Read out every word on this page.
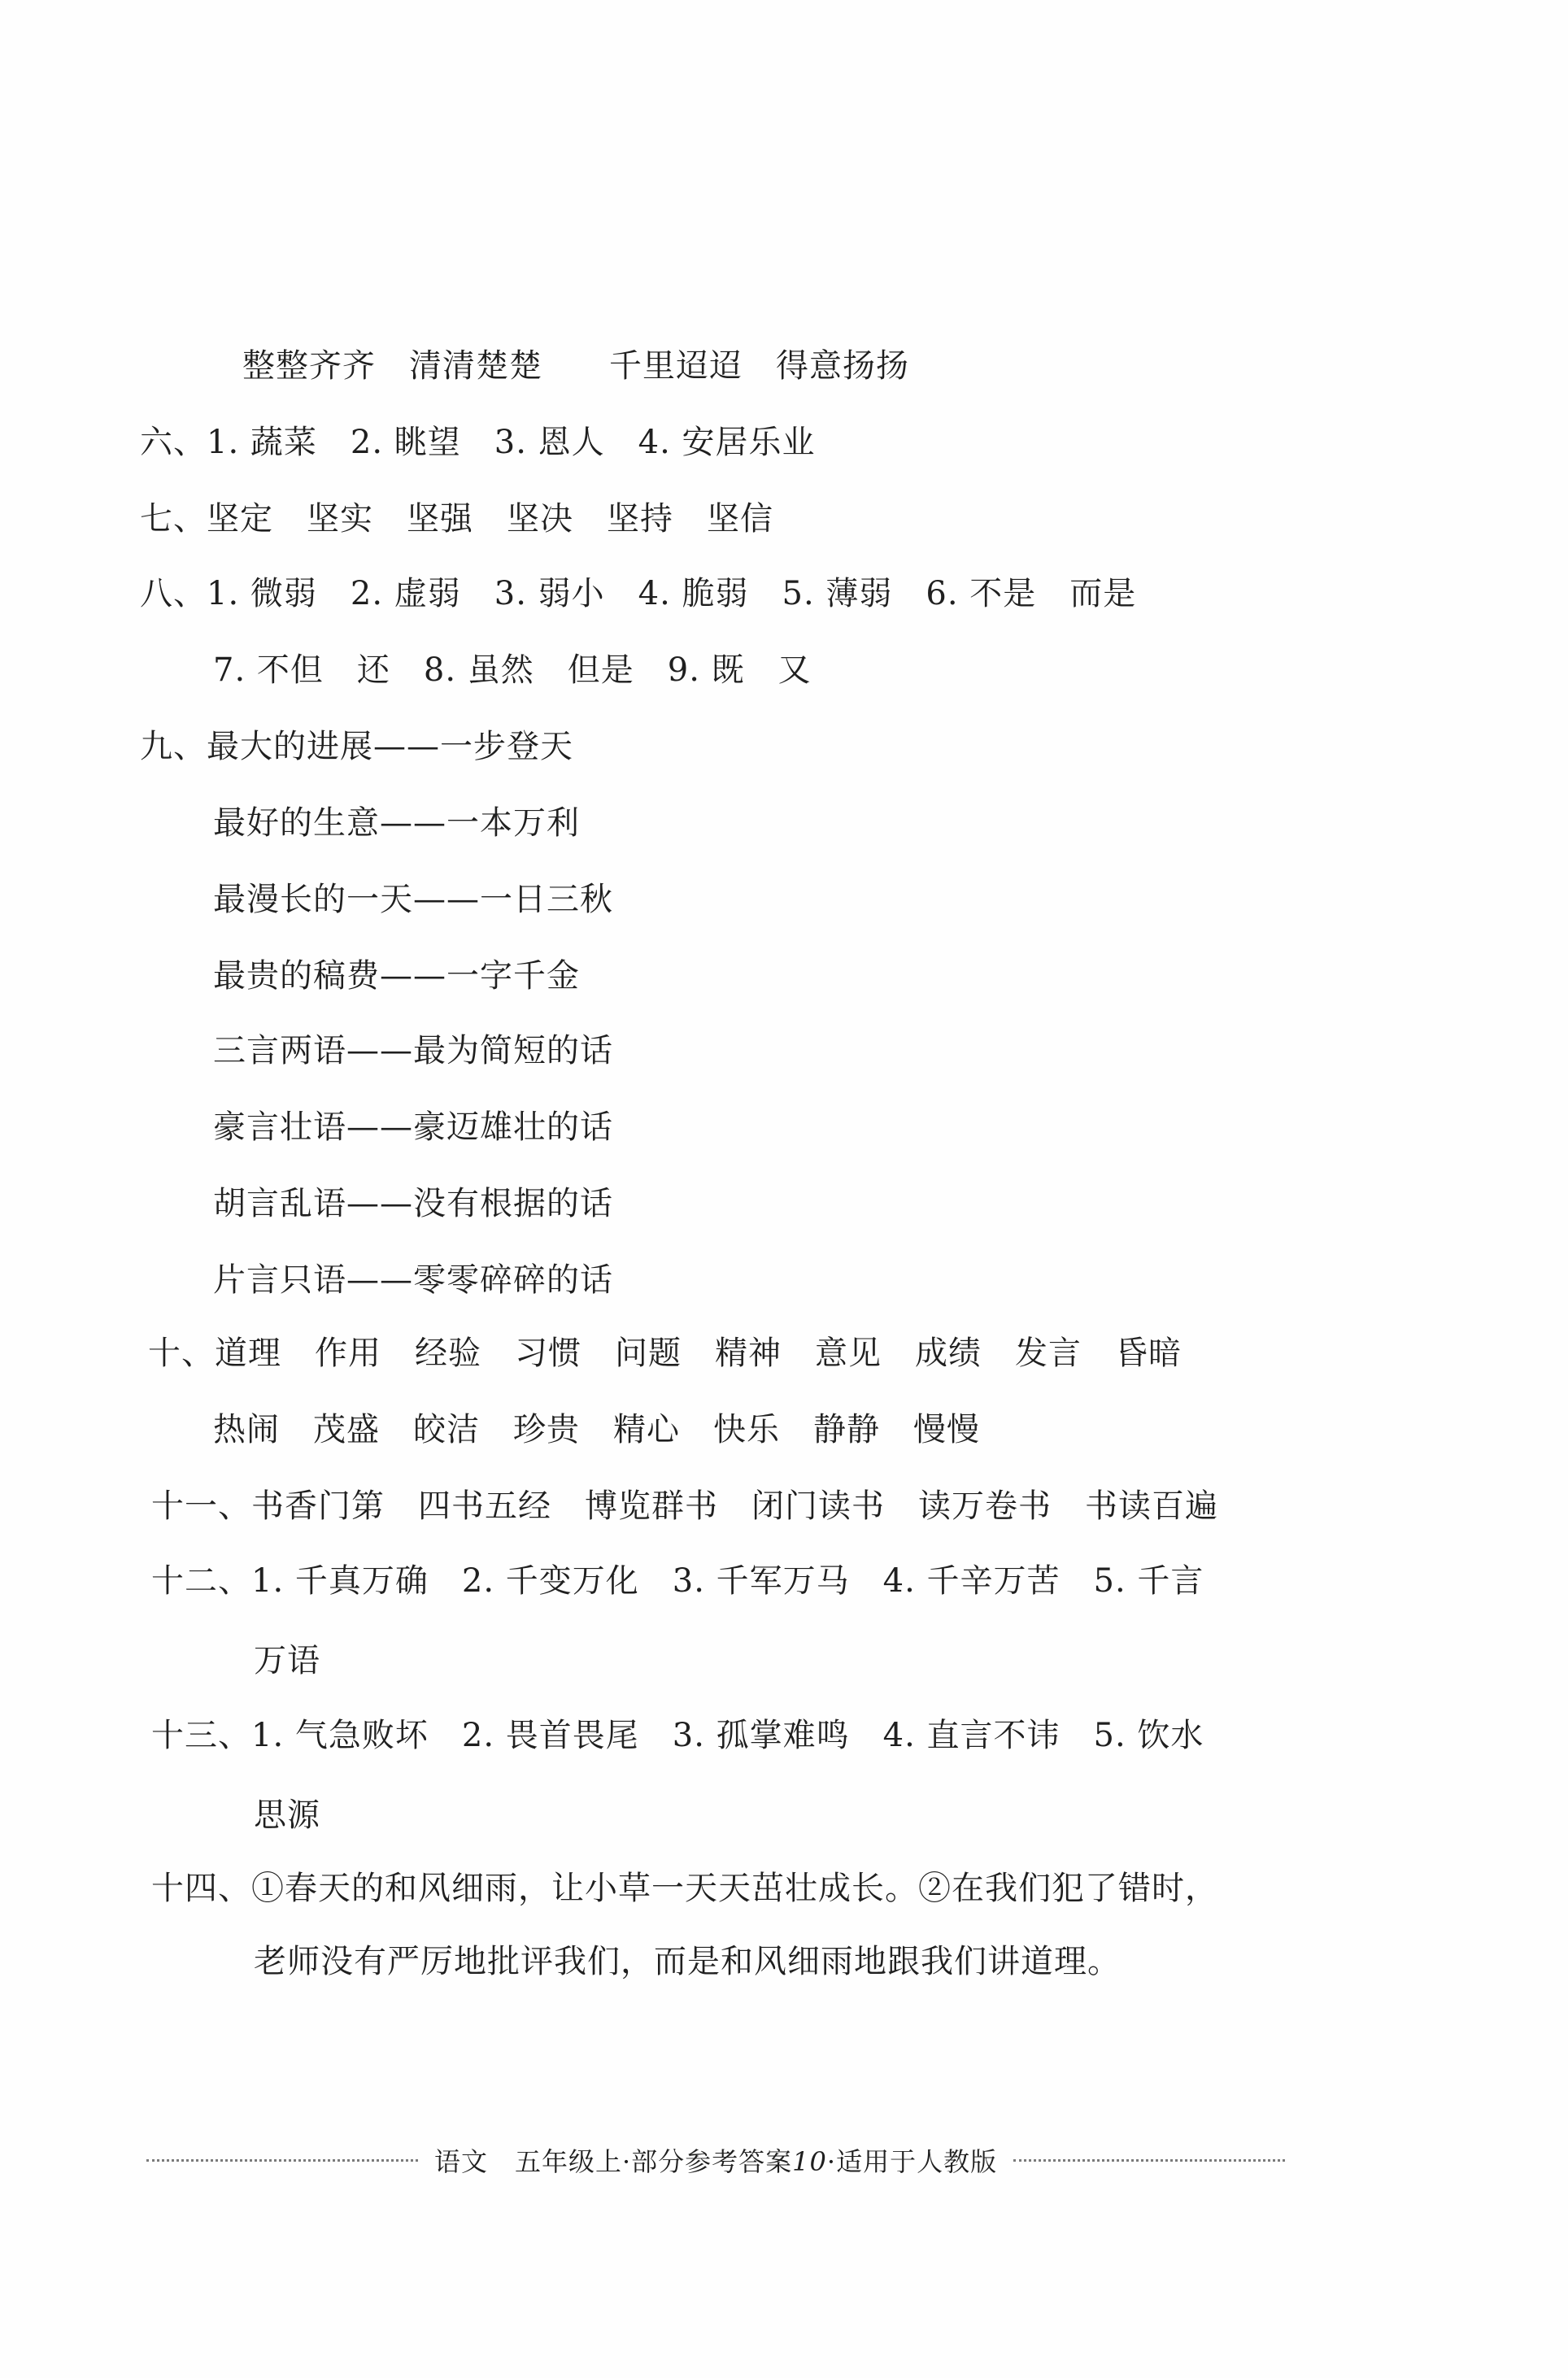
整整齐齐　清清楚楚　　千里迢迢　得意扬扬
六、1. 蔬菜　2. 眺望　3. 恩人　4. 安居乐业
七、坚定　坚实　坚强　坚决　坚持　坚信
八、1. 微弱　2. 虚弱　3. 弱小　4. 脆弱　5. 薄弱　6. 不是　而是
7. 不但　还　8. 虽然　但是　9. 既　又
九、最大的进展——一步登天
最好的生意——一本万利
最漫长的一天——一日三秋
最贵的稿费——一字千金
三言两语——最为简短的话
豪言壮语——豪迈雄壮的话
胡言乱语——没有根据的话
片言只语——零零碎碎的话
十、道理　作用　经验　习惯　问题　精神　意见　成绩　发言　昏暗
热闹　茂盛　皎洁　珍贵　精心　快乐　静静　慢慢
十一、书香门第　四书五经　博览群书　闭门读书　读万卷书　书读百遍
十二、1. 千真万确　2. 千变万化　3. 千军万马　4. 千辛万苦　5. 千言
万语
十三、1. 气急败坏　2. 畏首畏尾　3. 孤掌难鸣　4. 直言不讳　5. 饮水
思源
十四、①春天的和风细雨，让小草一天天茁壮成长。②在我们犯了错时，
老师没有严厉地批评我们，而是和风细雨地跟我们讲道理。
语文　 五年级上·部分参考答案10·适用于人教版
